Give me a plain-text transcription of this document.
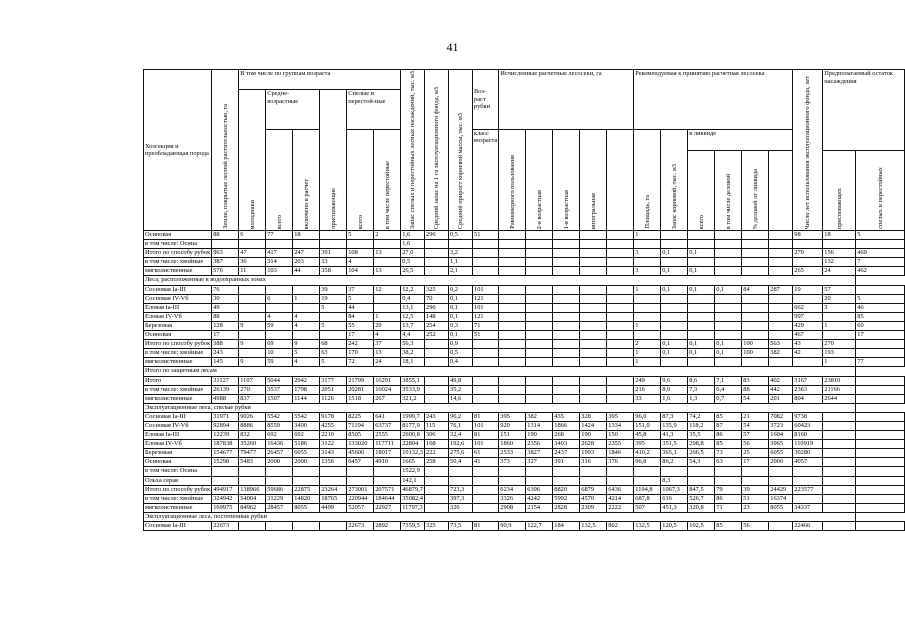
41
Хозсекция и преобладающая порода	Земли, покрытые лесной растительностью, га	В том числе по группам возраста						Запас спелых и перестойных лесных насаждений, тыс. м3	Средний запас на 1 га эксплуатационного фонда, м3	Средний прирост корневой массы, тыс. м3	Воз-раст рубки	Исчисленные расчетные лесосеки, га					Рекомендуемая к принятию расчетная лесосека						Число лет использования эксплуатационного фонда, лет	Предполагаемый остаток насаждения	

		молодняки	Средне-возрастные		приспевающие	Спелые и перестой-ные																			

			всего	включено в расчет		всего	в том числе перестойные				класс возраста	Равномерного пользования	2-я возрастная	1-я возрастная	интегральная		Площадь, га	Запас корневой, тыс. м3	в ликвиде						

																			всего	в том числе деловой	% деловой от ликвида			приспевающих	спелых и перестойных

Осиновая	88	6	77	18		5	2	1,6	296	0,5	51						1						98	18	5
в том числе: Осина								1,6																	
Итого по способу рубок	963	47	417	247	391	108	13	27,0		3,2							3	0,1	0,1				270	156	469
в том числе: хвойные	387	36	314	203	33	4		0,5		1,1														132	7
мягколиственные	576	11	103	44	358	104	13	26,5		2,1							3	0,1	0,1				265	24	462
Леса, расположенные в водоохранных зонах																									
Сосновая Ia-III	76				39	37	12	12,2	325	0,2	101						1	0,1	0,1	0,1	84	287	19	57	
Сосновая IV-Vб	30		6	1	19	5		0,4	70	0,1	121													20	5
Еловая Ia-III	49				5	44		13,1	296	0,1	101												662	3	46
Еловая IV-Vб	88		4	4		84	1	12,5	148	0,1	121												997		85
Березовая	128	9	59	4	5	55	20	13,7	254	0,3	71						1						429	1	60
Осиновая	17					17	4	4,4	252	0,1	51												467		17
Итого по способу рубок	388	9	69	9	68	242	37	56,3		0,9							2	0,1	0,1	0,1	100	563	43	270	
в том числе: хвойные	243		10	5	63	170	13	38,2		0,5							1	0,1	0,1	0,1	100	382	42	193	
мягколиственные	145	9	59	4	5	72	24	18,1		0,4							1							1	77
Итого по защитным лесам																									
Итого	31127	1107	5044	2942	3177	21799	16291	3855,1		49,8							249	9,6	8,6	7,1	83	402	3167	23810	
в том числе: хвойные	26139	270	3537	1798	2051	20281	16024	3533,9		35,2							216	8,0	7,3	6,4	88	442	2363	21166	
мягколиственные	4988	837	1507	1144	1126	1518	267	321,2		14,6							33	1,6	1,3	0,7	54	201	804	2644	
Эксплуатационные леса, спелые рубки																									
Сосновая Ia-III	31971	9026	5542	5542	9178	8225	641	1999,7	243	96,2	81	395	382	435	328	395	96,0	87,3	74,2	85	21	7082	9738		
Сосновая IV-Vб	92894	8886	8559	3400	4255	71194	63737	8177,9	115	76,1	101	920	1314	1866	1424	1334	151,0	135,9	118,2	87	54	3723	60423		
Еловая Ia-III	12239	832	692	692	2210	8505	2555	2600,8	306	32,4	81	151	190	268	190	150	45,8	41,3	35,5	86	57	1604	8160		
Еловая IV-Vб	187838	35260	16436	5186	3122	133020	117711	22804	168	192,6	101	1860	2356	3403	2628	2355	395	351,5	298,8	85	56	3965	110919		
Березовая	154677	79477	26457	6055	3143	45600	18017	10132,3	222	275,6	61	2533	3827	2437	1993	1846	410,2	365,1	266,5	73	25	6055	30280		
Осиновая	15298	5483	2000	2000	1356	6457	4910	1665	258	50,4	41	373	327	391	316	376	96,8	86,2	54,3	63	17	2000	4057		
в том числе: Осина								1522,9																	
Ольха серая								142,1										8,3							
Итого по способу рубок	494917	138966	59686	22875	23264	273001	207571	46879,7		723,3		6234	6396	8820	6879	6436	1194,8	1067,3	847,5	79	39	24429	223577		
в том числе: хвойные	324942	54004	31229	14820	18765	220944	184644	35082,4		397,3		3326	4242	5992	4570	4214	687,8	616	526,7	86	51	16374			
мягколиственные	169975	84962	28457	8055	4499	52057	22927	11797,3		326		2908	2154	2828	2309	2222	507	451,3	320,8	71	23	8055	34337		
Эксплуатационные леса, постепенные рубки																									
Сосновая Ia-III	22673					22673	2892	7359,5	325	73,5	81	90,9	122,7	184	132,5	802	132,5	120,5	102,5	85	56		22466		
